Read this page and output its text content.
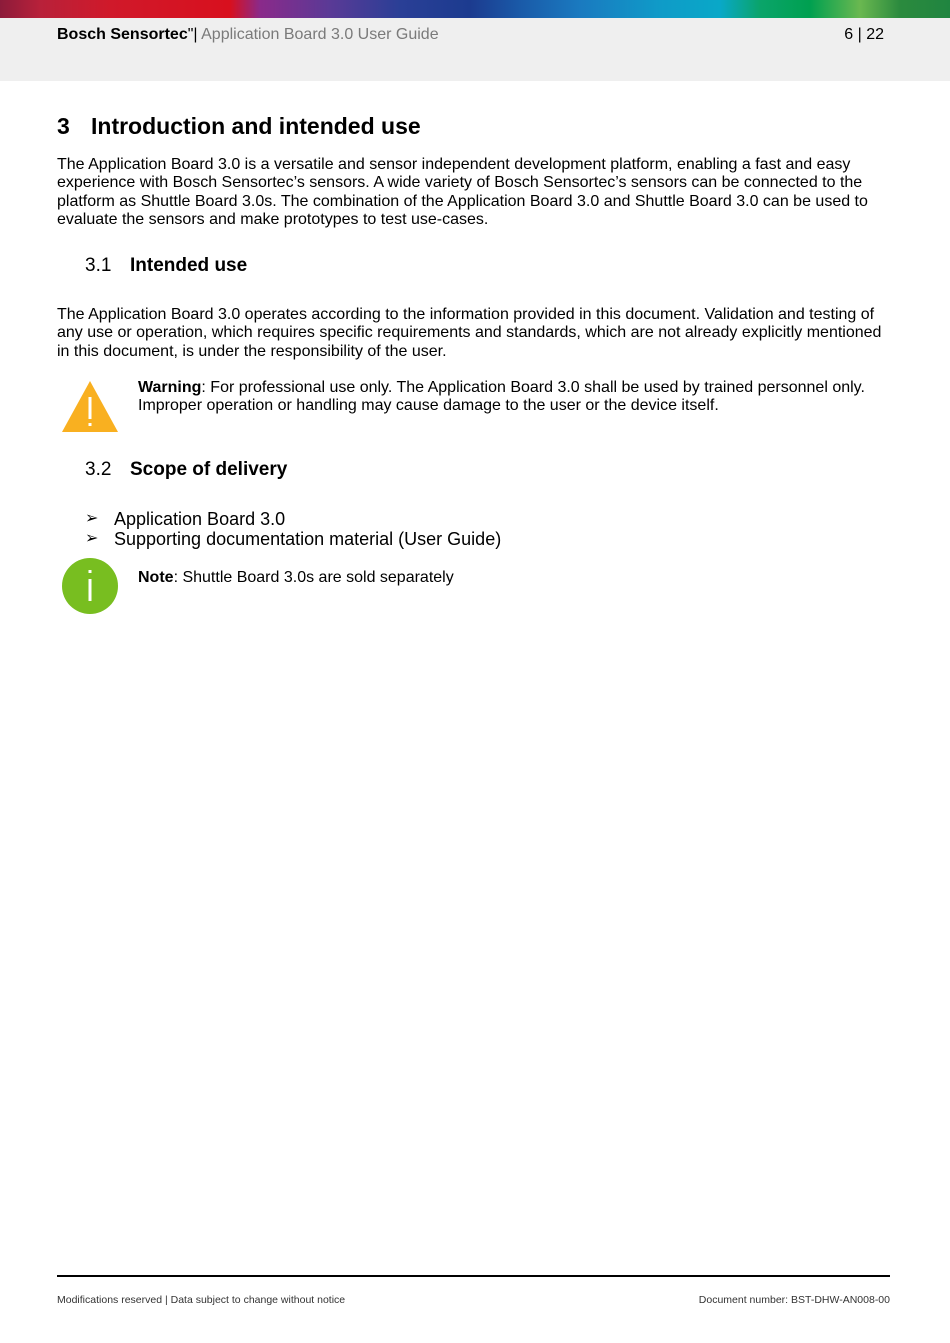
Bosch Sensortec"| Application Board 3.0 User Guide	6 | 22
3 Introduction and intended use
The Application Board 3.0 is a versatile and sensor independent development platform, enabling a fast and easy experience with Bosch Sensortec’s sensors. A wide variety of Bosch Sensortec’s sensors can be connected to the platform as Shuttle Board 3.0s. The combination of the Application Board 3.0 and Shuttle Board 3.0 can be used to evaluate the sensors and make prototypes to test use-cases.
3.1 Intended use
The Application Board 3.0 operates according to the information provided in this document. Validation and testing of any use or operation, which requires specific requirements and standards, which are not already explicitly mentioned in this document, is under the responsibility of the user.
Warning: For professional use only. The Application Board 3.0 shall be used by trained personnel only. Improper operation or handling may cause damage to the user or the device itself.
3.2 Scope of delivery
➢ Application Board 3.0
➢ Supporting documentation material (User Guide)
Note: Shuttle Board 3.0s are sold separately
Modifications reserved | Data subject to change without notice	Document number: BST-DHW-AN008-00
